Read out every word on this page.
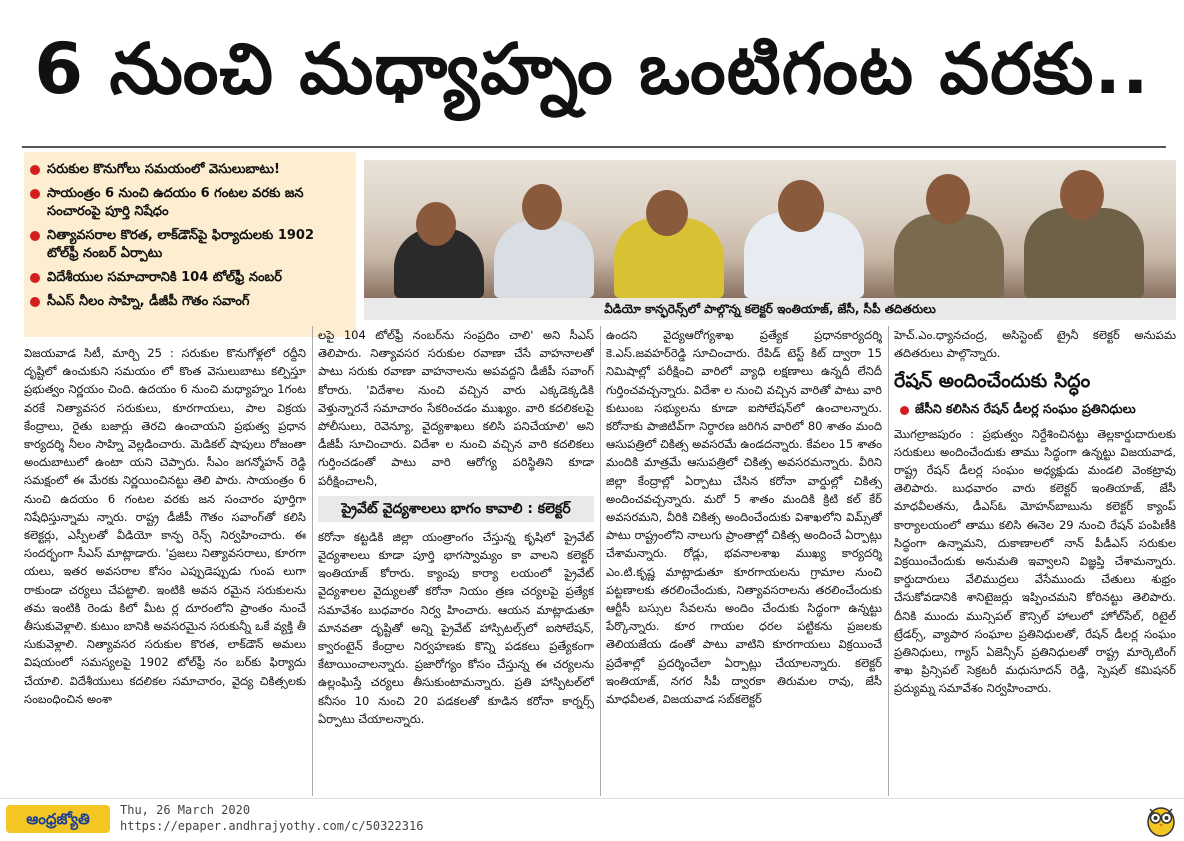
6 నుంచి మధ్యాహ్నం ఒంటిగంట వరకు..
సరుకుల కొనుగోలు సమయంలో వెసులుబాటు!
సాయంత్రం 6 నుంచి ఉదయం 6 గంటల వరకు జన సంచారంపై పూర్తి నిషేధం
నిత్యావసరాల కొరత, లాక్‌డౌన్‌పై ఫిర్యాదులకు 1902 టోల్‌ఫ్రీ నంబర్ ఏర్పాటు
విదేశీయుల సమాచారానికి 104 టోల్‌ఫ్రీ నంబర్
సీఎస్ నీలం సాహ్ని, డీజీపీ గౌతం సవాంగ్	వీడియో కాన్ఫరెన్స్‌లో పాల్గొన్న కలెక్టర్ ఇంతియాజ్, జేసీ, సీపీ తదితరులు

విజయవాడ సిటీ, మార్చి 25 : సరుకుల కొనుగోళ్లలో రద్దీని దృష్టిలో ఉంచుకుని సమయం లో కొంత వెసులుబాటు కల్పిస్తూ ప్రభుత్వం నిర్ణయం చింది. ఉదయం 6 నుంచి మధ్యాహ్నం 1గంట వరకే నిత్యావసర సరుకులు, కూరగాయలు, పాల విక్రయ కేంద్రాలు, రైతు బజార్లు తెరచి ఉంచాయని ప్రభుత్వ ప్రధాన కార్యదర్శి నీలం సాహ్ని వెల్లడించారు. మెడికల్ షాపులు రోజంతా అందుబాటులో ఉంటా యని చెప్పారు. సీఎం జగన్మోహన్ రెడ్డి సమక్షంలో ఈ మేరకు నిర్ణయించినట్టు తెలి పారు. సాయంత్రం 6 నుంచి ఉదయం 6 గంటల వరకు జన సంచారం పూర్తిగా నిషేధిస్తున్నామ న్నారు. రాష్ట్ర డీజీపీ గౌతం సవాంగ్‌తో కలిసి కలెక్టర్లు, ఎస్పీలతో వీడియో కాన్ఫ రెన్స్ నిర్వహించారు. ఈ సందర్భంగా సీఎస్ మాట్లాడారు. 'ప్రజలు నిత్యావసరాలు, కూరగా యలు, ఇతర అవసరాల కోసం ఎప్పుడెప్పుడు గుంప లుగా రాకుండా చర్యలు చేపట్టాలి. ఇంటికి అవస రమైన సరుకులను తమ ఇంటికి రెండు కిలో మీట ర్ల దూరంలోని ప్రాంతం నుంచే తీసుకువెళ్లాలి. కుటుం బానికి అవసరమైన సరుకున్నీ ఒకే వ్యక్తి తీ సుకువెళ్లాలి. నిత్యావసర సరుకుల కొరత, లాక్‌డౌన్ అమలు విషయంలో సమస్యలపై 1902 టోల్‌ఫ్రీ నం బర్‌కు ఫిర్యాదు చేయాలి. విదేశీయులు కదలికల సమాచారం, వైద్య చికిత్సలకు సంబంధించిన అంశా

లపై 104 టోల్‌ఫ్రీ నంబర్‌ను సంప్రదిం చాలి' అని సీఎస్ తెలిపారు. నిత్యావసర సరుకుల రవాణా చేసే వాహనాలతో పాటు సరుకు రవాణా వాహనాలను అపవద్దని డీజీపీ సవాంగ్ కోరారు. 'విదేశాల నుంచి వచ్చిన వారు ఎక్కడెక్కడికి వెళ్తున్నారనే సమాచారం సేకరించడం ముఖ్యం. వారి కదలికలపై పోలీసులు, రెవెన్యూ, వైద్యశాఖలు కలిసి పనిచేయాలి' అని డీజీపీ సూచించారు. విదేశా ల నుంచి వచ్చిన వారి కదలికలు గుర్తించడంతో పాటు వారి ఆరోగ్య పరిస్థితిని కూడా పరీక్షించాలనీ,

ప్రైవేట్ వైద్యశాలలు భాగం కావాలి : కలెక్టర్

కరోనా కట్టడికి జిల్లా యంత్రాంగం చేస్తున్న కృషిలో ప్రైవేట్ వైద్యశాలలు కూడా పూర్తి భాగస్వామ్యం కా వాలని కలెక్టర్ ఇంతియాజ్ కోరారు. క్యాంపు కార్యా లయంలో ప్రైవేట్ వైద్యశాలల వైద్యులతో కరోనా నియం త్రణ చర్యలపై ప్రత్యేక సమావేశం బుధవారం నిర్వ హించారు. ఆయన మాట్లాడుతూ మానవతా దృష్టితో అన్ని ప్రైవేట్ హాస్పిటల్స్‌లో ఐసోలేషన్, క్వారంటైన్ కేంద్రాల నిర్వహణకు కొన్ని పడకలు ప్రత్యేకంగా కేటాయించాలన్నారు. ప్రజారోగ్యం కోసం చేస్తున్న ఈ చర్యలను ఉల్లంఘిస్తే చర్యలు తీసుకుంటామన్నారు. ప్రతి హాస్పిటల్‌లో కనీసం 10 నుంచి 20 పడకలతో కూడిన కరోనా కార్నర్స్ ఏర్పాటు చేయాలన్నారు.

ఉందని వైద్యఆరోగ్యశాఖ ప్రత్యేక ప్రధానకార్యదర్శి కె.ఎస్.జవహర్‌రెడ్డి సూచించారు. రేపిడ్ టెస్ట్ కిట్ ద్వారా 15 నిమిషాల్లో పరీక్షించి వారిలో వ్యాధి లక్షణాలు ఉన్నదీ లేనిదీ గుర్తించవచ్చన్నారు. విదేశా ల నుంచి వచ్చిన వారితో పాటు వారి కుటుంబ సభ్యులను కూడా ఐసోలేషన్‌లో ఉంచాలన్నారు. కరోనాకు పాజిటివ్‌గా నిర్ధారణ జరిగిన వారిలో 80 శాతం మంది ఆసుపత్రిలో చికిత్స అవసరమే ఉండదన్నారు. కేవలం 15 శాతం మందికి మాత్రమే ఆసుపత్రిలో చికిత్స అవసరమన్నారు. వీరిని జిల్లా కేంద్రాల్లో ఏర్పాటు చేసిన కరోనా వార్డుల్లో చికిత్స అందించవచ్చన్నారు. మరో 5 శాతం మందికి క్రిటి కల్ కేర్ అవసరమని, వీరికి చికిత్స అందించేందుకు విశాఖలోని విమ్స్‌తో పాటు రాష్ట్రంలోని నాలుగు ప్రాంతాల్లో చికిత్స అందించే ఏర్పాట్లు చేశామన్నారు. రోడ్లు, భవనాలశాఖ ముఖ్య కార్యదర్శి ఎం.టి.కృష్ణ మాట్లాడుతూ కూరగాయలను గ్రామాల నుంచి పట్టణాలకు తరలించేందుకు, నిత్యావసరాలను తరలించేందుకు ఆర్టీసీ బస్సుల సేవలను అందిం చేందుకు సిద్ధంగా ఉన్నట్టు పేర్కొన్నారు. కూర గాయల ధరల పట్టికను ప్రజలకు తెలియజేయ డంతో పాటు వాటిని కూరగాయలు విక్రయించే ప్రదేశాల్లో ప్రదర్శించేలా ఏర్పాట్లు చేయాలన్నారు. కలెక్టర్ ఇంతియాజ్, నగర సీపీ ద్వారకా తిరుమల రావు, జేసీ మాధవీలత, విజయవాడ సబ్‌కలెక్టర్

హెచ్.ఎం.ధ్యానచంద్ర, అసిస్టెంట్ ట్రైనీ కలెక్టర్ అనుపమ తదితరులు పాల్గొన్నారు.

రేషన్ అందించేందుకు సిద్ధం
జేసీని కలిసిన రేషన్ డీలర్ల సంఘం ప్రతినిధులు

మొగల్రాజపురం : ప్రభుత్వం నిర్దేశించినట్టు తెల్లకార్డుదారులకు సరుకులు అందించేందుకు తాము సిద్ధంగా ఉన్నట్టు విజయవాడ, రాష్ట్ర రేషన్ డీలర్ల సంఘం అధ్యక్షుడు మండలి వెంకట్రావు తెలిపారు. బుధవారం వారు కలెక్టర్ ఇంతియాజ్, జేసీ మాధవీలతను, డీఎస్‌ఓ మోహన్‌బాబును కలెక్టర్ క్యాంప్ కార్యాలయంలో తాము కలిసి ఈనెల 29 నుంచి రేషన్ పంపిణీకి సిద్ధంగా ఉన్నామని, దుకాణాలలో నాన్ పీడీఎస్ సరుకుల విక్రయించేందుకు అనుమతి ఇవ్వాలని విజ్ఞప్తి చేశామన్నారు. కార్డుదారులు వేలిముద్రలు వేసేముందు చేతులు శుభ్రం చేసుకోవడానికి శానిటైజర్లు ఇప్పించమని కోరినట్టు తెలిపారు. దీనికి ముందు మున్సిపల్ కౌన్సిల్ హాలులో హోల్‌సేల్, రిటైల్ ట్రేడర్స్, వ్యాపార సంఘాల ప్రతినిధులతో, రేషన్ డీలర్ల సంఘం ప్రతినిధులు, గ్యాస్ ఏజెన్సీస్ ప్రతినిధులతో రాష్ట్ర మార్కెటింగ్ శాఖ ప్రిన్సిపల్ సెక్రటరీ మధుసూదన్ రెడ్డి, స్పెషల్ కమిషనర్ ప్రద్యుమ్న సమావేశం నిర్వహించారు.

ఆంధ్రజ్యోతి	Thu, 26 March 2020
https://epaper.andhrajyothy.com/c/50322316
